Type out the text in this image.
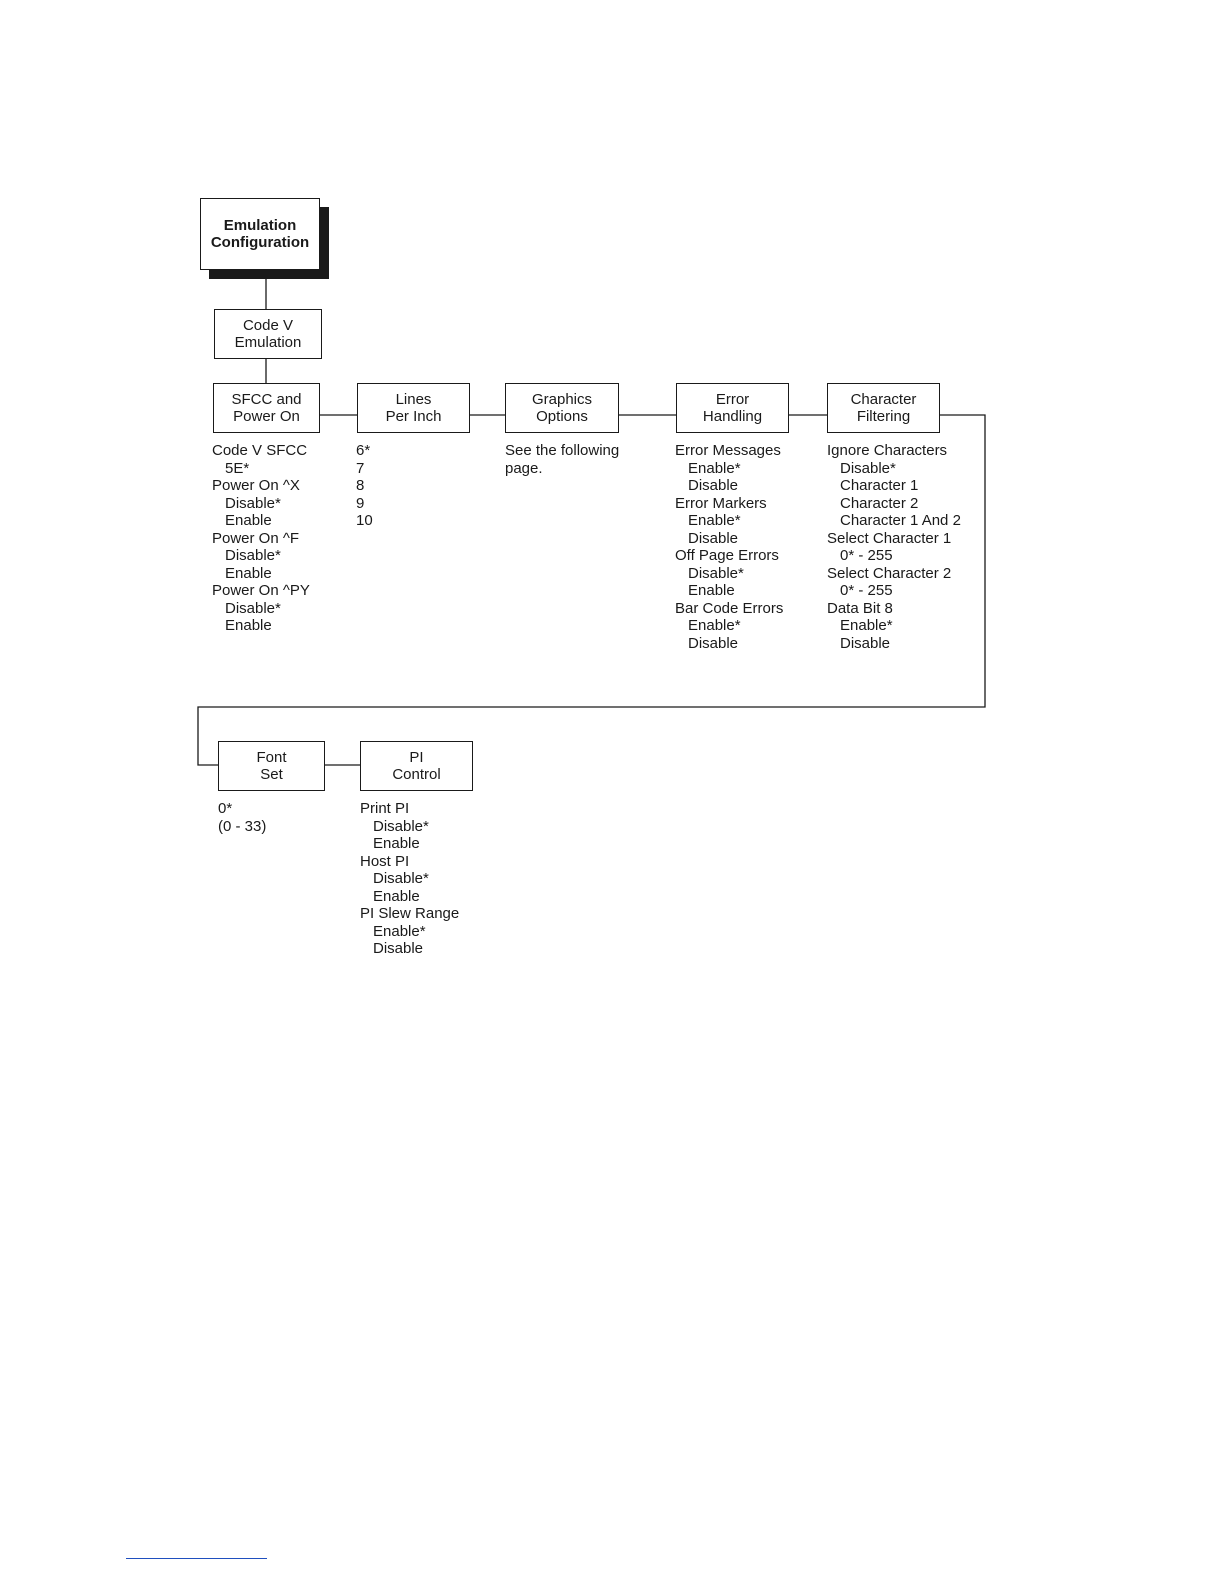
Emulation
Configuration
Code V
Emulation
SFCC and
Power On
Lines
Per Inch
Graphics
Options
Error
Handling
Character
Filtering
Font
Set
PI
Control
Code V SFCC
5E*
Power On ^X
Disable*
Enable
Power On ^F
Disable*
Enable
Power On ^PY
Disable*
Enable
6*
7
8
9
10
See the following
page.
Error Messages
Enable*
Disable
Error Markers
Enable*
Disable
Off Page Errors
Disable*
Enable
Bar Code Errors
Enable*
Disable
Ignore Characters
Disable*
Character 1
Character 2
Character 1 And 2
Select Character 1
0* - 255
Select Character 2
0* - 255
Data Bit 8
Enable*
Disable
0*
(0 - 33)
Print PI
Disable*
Enable
Host PI
Disable*
Enable
PI Slew Range
Enable*
Disable
